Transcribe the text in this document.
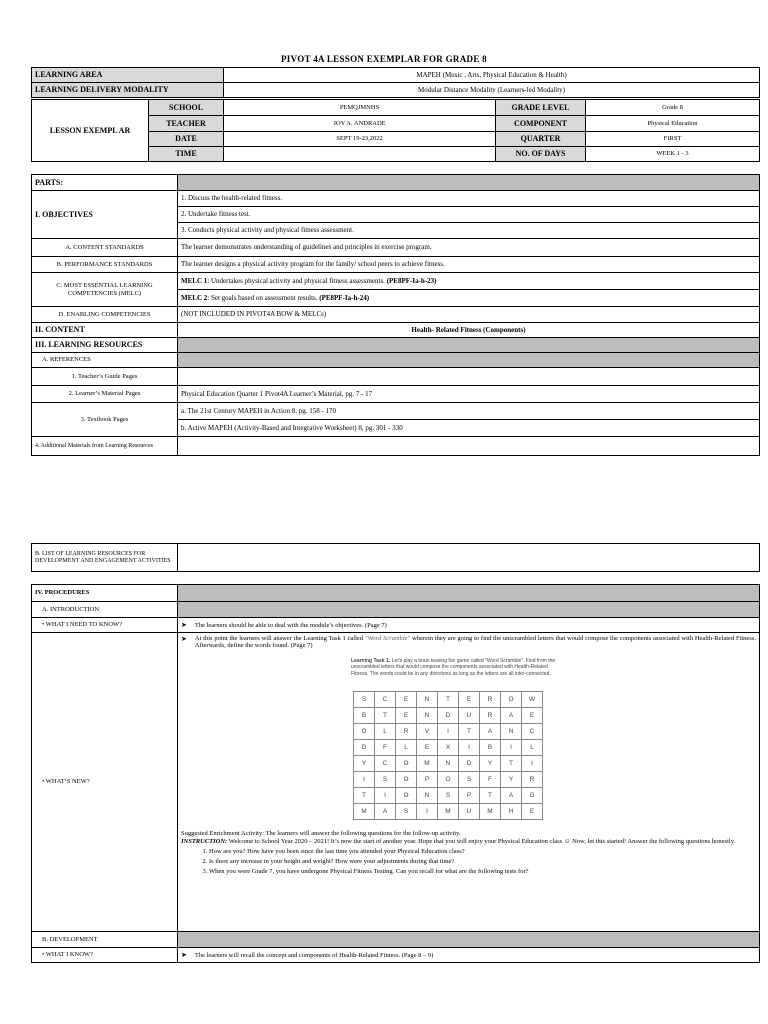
PIVOT 4A LESSON EXEMPLAR FOR GRADE 8
LEARNING AREA	MAPEH (Music , Arts, Physical Education & Health)
LEARNING DELIVERY MODALITY	Modular Distance Modality (Learners-led Modality)
LESSON EXEMPL AR	SCHOOL	PEMQJMNHS	GRADE LEVEL	Grade 8
	TEACHER	JOY A. ANDRADE	COMPONENT	Physical Education
	DATE	SEPT 19-23,2022	QUARTER	FIRST
	TIME		NO. OF DAYS	WEEK 1 - 3
PARTS:	
I. OBJECTIVES	1. Discuss the health-related fitness.
	2. Undertake fitness test.
	3. Conducts physical activity and physical fitness assessment.
A. CONTENT STANDARDS	The learner demonstrates understanding of guidelines and principles in exercise program.
B. PERFORMANCE STANDARDS	The learner designs a physical activity program for the family/ school peers to achieve fitness.
C. MOST ESSENTIAL LEARNING COMPETENCIES (MELC)	MELC 1: Undertakes physical activity and physical fitness assessments. (PE8PF-Ia-h-23)
	MELC 2: Set goals based on assessment results. (PE8PF-Ia-h-24)
D. ENABLING COMPETENCIES	(NOT INCLUDED IN PIVOT4A BOW & MELCs)
II. CONTENT	Health- Related Fitness (Components)
III. LEARNING RESOURCES	
A. REFERENCES	
1. Teacher’s Guide Pages	
2. Learner’s Material Pages	Physical Education Quarter 1 Pivot4A Learner’s Material, pg. 7 - 17
3. Textbook Pages	a. The 21st Century MAPEH in Action 8, pg. 158 - 170
	b. Active MAPEH (Activity-Based and Integrative Worksheet) 8, pg. 301 - 330
4. Additional Materials from Learning Resources	
B. LIST OF LEARNING RESOURCES FOR DEVELOPMENT AND ENGAGEMENT ACTIVITIES	
IV. PROCEDURES	
A. INTRODUCTION	
• WHAT I NEED TO KNOW?	➤ The learners should be able to deal with the module’s objectives. (Page 7)
• WHAT’S NEW?	
➤ At this point the learners will answer the Learning Task 1 called "Word Scramble" wherein they are going to find the unscrambled letters that would compose the components associated with Health-Related Fitness. Afterwards, define the words found. (Page 7)
Learning Task 1: Let’s play a brain teasing fun game called "Word Scramble". Find from the unscrambled letters that would compose the components associated with Health-Related Fitness. The words could be in any directions as long as the letters are all inter-connected.
S	C	E	N	T	E	R	O	W
B	T	E	N	D	U	R	A	E
O	L	R	V	I	T	A	N	C
D	F	L	E	X	I	B	I	L
Y	C	O	M	N	D	Y	T	I
I	S	O	P	O	S	F	Y	R
T	I	O	N	S	P	T	A	G
M	A	S	I	M	U	M	H	E
Suggested Enrichment Activity: The learners will answer the following questions for the follow-up activity.
INSTRUCTION: Welcome to School Year 2020 – 2021! It’s now the start of another year. Hope that you will enjoy your Physical Education class ☺ Now, let this started! Answer the following questions honestly.
1. How are you? How have you been since the last time you attended your Physical Education class?
2. Is there any increase in your height and weight? How were your adjustments during that time?
3. When you were Grade 7, you have undergone Physical Fitness Testing. Can you recall for what are the following tests for?

B. DEVELOPMENT	
• WHAT I KNOW?	➤ The learners will recall the concept and components of Health-Related Fitness. (Page 8 – 9)
